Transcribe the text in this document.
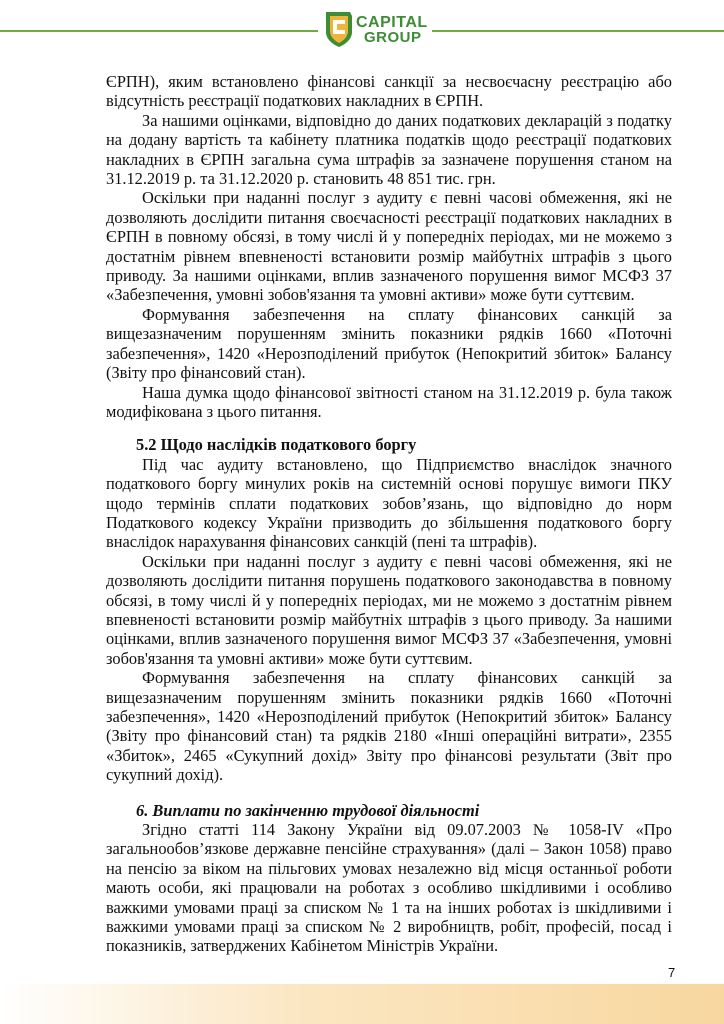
CAPITAL
GROUP

ЄРПН), яким встановлено фінансові санкції за несвоєчасну реєстрацію або відсутність реєстрації податкових накладних в ЄРПН.

За нашими оцінками, відповідно до даних податкових декларацій з податку на додану вартість та кабінету платника податків щодо реєстрації податкових накладних в ЄРПН загальна сума штрафів за зазначене порушення станом на 31.12.2019 р. та 31.12.2020 р. становить 48 851 тис. грн.

Оскільки при наданні послуг з аудиту є певні часові обмеження, які не дозволяють дослідити питання своєчасності реєстрації податкових накладних в ЄРПН в повному обсязі, в тому числі й у попередніх періодах, ми не можемо з достатнім рівнем впевненості встановити розмір майбутніх штрафів з цього приводу. За нашими оцінками, вплив зазначеного порушення вимог МСФЗ 37 «Забезпечення, умовні зобов'язання та умовні активи» може бути суттєвим.

Формування забезпечення на сплату фінансових санкцій за вищезазначеним порушенням змінить показники рядків 1660 «Поточні забезпечення», 1420 «Нерозподілений прибуток (Непокритий збиток» Балансу (Звіту про фінансовий стан).

Наша думка щодо фінансової звітності станом на 31.12.2019 р. була також модифікована з цього питання.

5.2 Щодо наслідків податкового боргу

Під час аудиту встановлено, що Підприємство внаслідок значного податкового боргу минулих років на системній основі порушує вимоги ПКУ щодо термінів сплати податкових зобов’язань, що відповідно до норм Податкового кодексу України призводить до збільшення податкового боргу внаслідок нарахування фінансових санкцій (пені та штрафів).

Оскільки при наданні послуг з аудиту є певні часові обмеження, які не дозволяють дослідити питання порушень податкового законодавства в повному обсязі, в тому числі й у попередніх періодах, ми не можемо з достатнім рівнем впевненості встановити розмір майбутніх штрафів з цього приводу. За нашими оцінками, вплив зазначеного порушення вимог МСФЗ 37 «Забезпечення, умовні зобов'язання та умовні активи» може бути суттєвим.

Формування забезпечення на сплату фінансових санкцій за вищезазначеним порушенням змінить показники рядків 1660 «Поточні забезпечення», 1420 «Нерозподілений прибуток (Непокритий збиток» Балансу (Звіту про фінансовий стан) та рядків 2180 «Інші операційні витрати», 2355 «Збиток», 2465 «Сукупний дохід» Звіту про фінансові результати (Звіт про сукупний дохід).

6. Виплати по закінченню трудової діяльності

Згідно статті 114 Закону України від 09.07.2003 № 1058-IV «Про загальнообов’язкове державне пенсійне страхування» (далі – Закон 1058) право на пенсію за віком на пільгових умовах незалежно від місця останньої роботи мають особи, які працювали на роботах з особливо шкідливими і особливо важкими умовами праці за списком № 1 та на інших роботах із шкідливими і важкими умовами праці за списком № 2 виробництв, робіт, професій, посад і показників, затверджених Кабінетом Міністрів України.

7
